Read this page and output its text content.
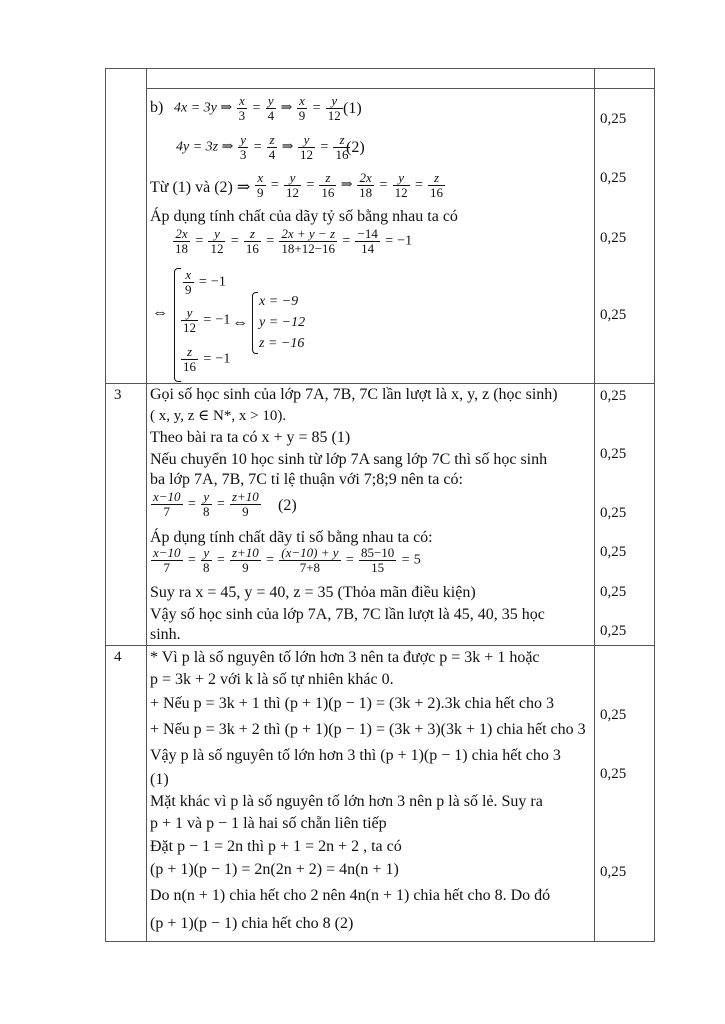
b) 4x = 3y ⇒ $\frac{x}{3} = \frac{y}{4}$ ⇒ $\frac{x}{9} = \frac{y}{12} (1)$
4y = 3z ⇒ $\frac{y}{3} = \frac{z}{4}$ ⇒ $\frac{y}{12} = \frac{z}{16}$
(2)
Từ (1) và (2) ⇒ $\frac{x}{9} = \frac{y}{12} = \frac{z}{16}$ ⇒ $\frac{2x}{18} = \frac{y}{12} = \frac{z}{16}$
Áp dụng tính chất của dãy tỷ số bằng nhau ta có
$\frac{2x}{18} = \frac{y}{12} = \frac{z}{16} = \frac{2x + y - z}{18+12-16} = \frac{-14}{14} = -1$
⇔
$\frac{x}{9} = -1$
$\frac{y}{12} = -1$
$\frac{z}{16} = -1$
⇔
x = −9
y = −12
z = −16
0,25
0,25
0,25
0,25
3 Gọi số học sinh của lớp 7A, 7B, 7C lần lượt là x, y, z (học sinh)
( x, y, z ∈ N*, x > 10).
Theo bài ra ta có x + y = 85 (1)
Nếu chuyển 10 học sinh từ lớp 7A sang lớp 7C thì số học sinh
ba lớp 7A, 7B, 7C tỉ lệ thuận với 7;8;9 nên ta có:
$\frac{x-10}{7} = \frac{y}{8} = \frac{z+10}{9} (2)$
Áp dụng tính chất dãy tỉ số bằng nhau ta có:
$\frac{x-10}{7} = \frac{y}{8} = \frac{z+10}{9} = \frac{(x-10) + y}{7+8} = \frac{85-10}{15} = 5$
Suy ra x = 45, y = 40, z = 35 (Thỏa mãn điều kiện)
Vậy số học sinh của lớp 7A, 7B, 7C lần lượt là 45, 40, 35 học
sinh.
0,25
0,25
0,25
0,25
0,25
0,25
4 * Vì p là số nguyên tố lớn hơn 3 nên ta được p = 3k + 1 hoặc
p = 3k + 2 với k là số tự nhiên khác 0.
+ Nếu p = 3k + 1 thì (p + 1)(p − 1) = (3k + 2).3k chia hết cho 3
+ Nếu p = 3k + 2 thì (p + 1)(p − 1) = (3k + 3)(3k + 1) chia hết cho 3
Vậy p là số nguyên tố lớn hơn 3 thì (p + 1)(p − 1) chia hết cho 3
(1)
Mặt khác vì p là số nguyên tố lớn hơn 3 nên p là số lẻ. Suy ra
p + 1 và p − 1 là hai số chẵn liên tiếp
Đặt p − 1 = 2n thì p + 1 = 2n + 2 , ta có
(p + 1)(p − 1) = 2n(2n + 2) = 4n(n + 1)
Do n(n + 1) chia hết cho 2 nên 4n(n + 1) chia hết cho 8. Do đó
(p + 1)(p − 1) chia hết cho 8 (2)
0,25
0,25
0,25
